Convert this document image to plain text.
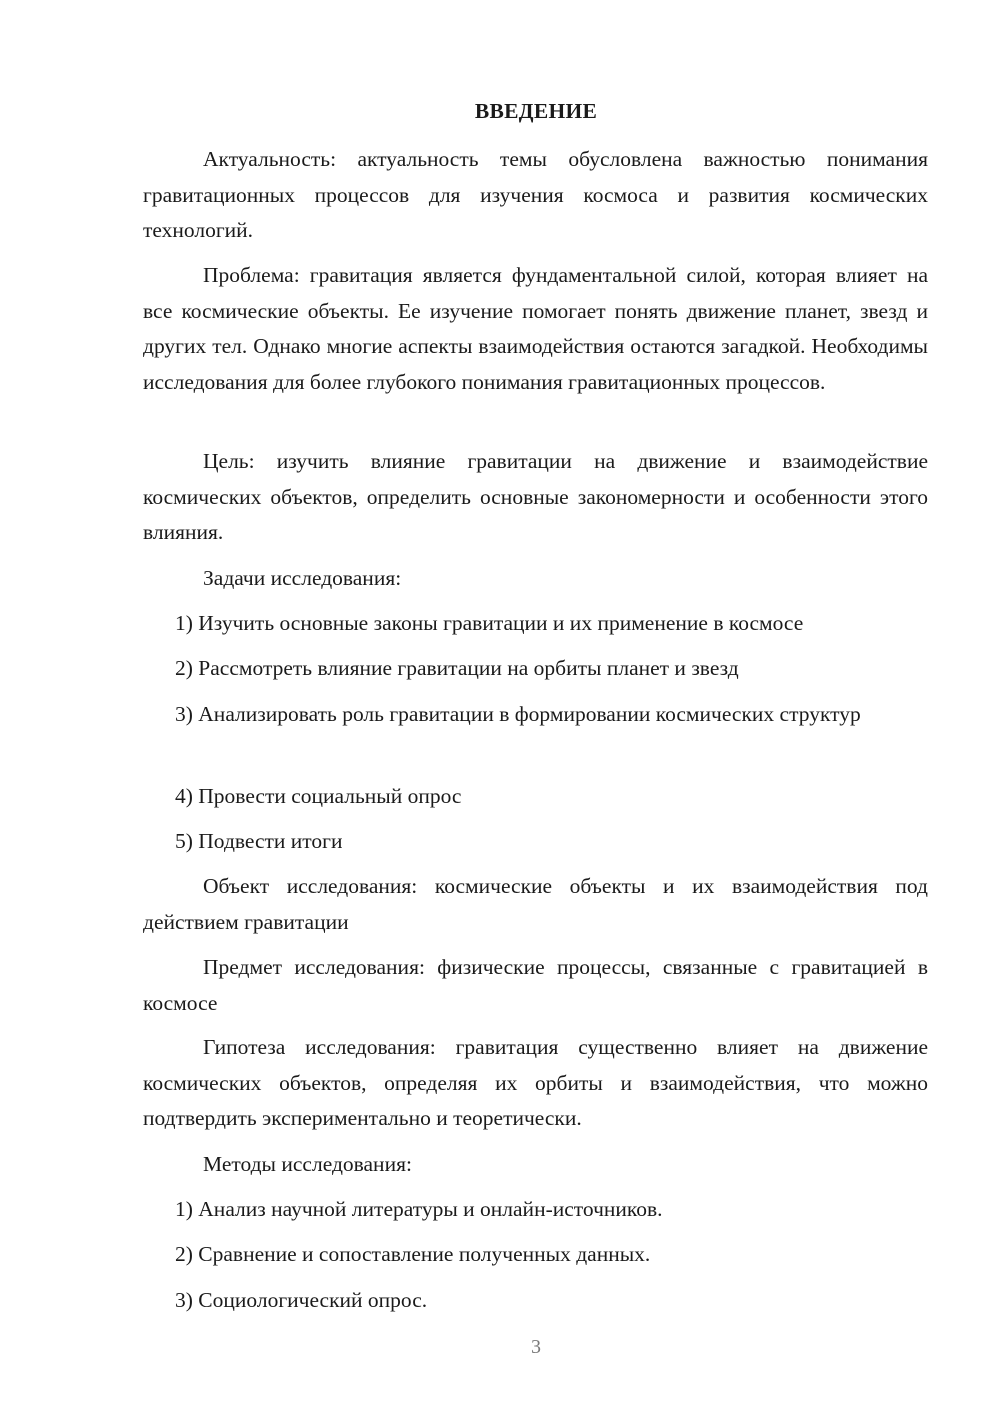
ВВЕДЕНИЕ
Актуальность: актуальность темы обусловлена важностью понимания гравитационных процессов для изучения космоса и развития космических технологий.
Проблема: гравитация является фундаментальной силой, которая влияет на все космические объекты. Ее изучение помогает понять движение планет, звезд и других тел. Однако многие аспекты взаимодействия остаются загадкой. Необходимы исследования для более глубокого понимания гравитационных процессов.
Цель: изучить влияние гравитации на движение и взаимодействие космических объектов, определить основные закономерности и особенности этого влияния.
Задачи исследования:
1) Изучить основные законы гравитации и их применение в космосе
2) Рассмотреть влияние гравитации на орбиты планет и звезд
3) Анализировать роль гравитации в формировании космических структур
4) Провести социальный опрос
5) Подвести итоги
Объект исследования: космические объекты и их взаимодействия под действием гравитации
Предмет исследования: физические процессы, связанные с гравитацией в космосе
Гипотеза исследования: гравитация существенно влияет на движение космических объектов, определяя их орбиты и взаимодействия, что можно подтвердить экспериментально и теоретически.
Методы исследования:
1) Анализ научной литературы и онлайн-источников.
2) Сравнение и сопоставление полученных данных.
3) Социологический опрос.
3
